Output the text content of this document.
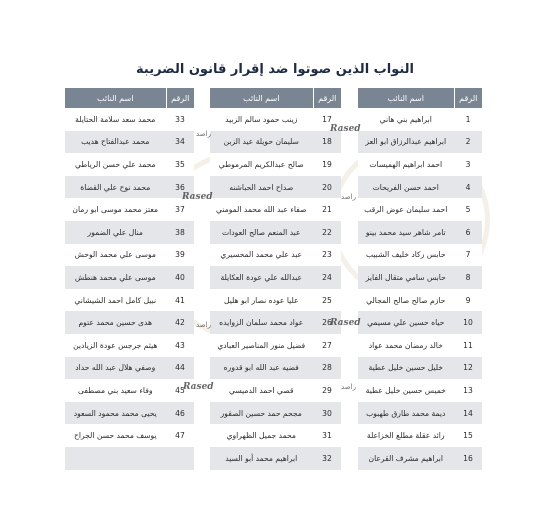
النواب الذين صوتوا ضد إقرار قانون الضريبة
الرقم	اسم النائب
1	ابراهيم بني هاني
2	ابراهيم عبدالرزاق ابو العز
3	احمد ابراهيم الهميسات
4	احمد حسن الفريحات
5	احمد سليمان عوض الرقب
6	تامر شاهر سيد محمد بينو
7	حابس ركاد خليف الشبيب
8	حابس سامي متقال الفايز
9	حازم صالح صالح المجالي
10	حياه حسين علي مسيمي
11	خالد رمضان محمد عواد
12	خليل حسين خليل عطية
13	خميس حسين خليل عطية
14	ديمة محمد طارق طهبوب
15	رائد عقلة مطلع الخزاعلة
16	ابراهيم مشرف القرعان
الرقم	اسم النائب
17	زينب حمود سالم الزبيد
18	سليمان حويلة عيد الزبن
19	صالح عبدالكريم المرموطي
20	صداح احمد الحباشنه
21	صفاء عبد الله محمد المومني
22	عبد المنعم صالح العودات
23	عبد علي محمد المحسيري
24	عبدالله علي عودة العكايلة
25	عليا عوده نصار ابو هليل
26	عواد محمد سلمان الزوايده
27	فضيل منور المناصير العبادي
28	فضيه عبد الله ابو قدوره
29	قصي احمد الدميسي
30	مجحم حمد حسين الصقور
31	محمد جميل الظهراوي
32	ابراهيم محمد أبو السيد
الرقم	اسم النائب
33	محمد سعد سلامة الحتايلة
34	محمد عبدالفتاح هديب
35	محمد علي حسن الرياطي
36	محمد نوح علي القضاة
37	معتز محمد موسى ابو رمان
38	منال علي الضمور
39	موسى علي محمد الوحش
40	موسى علي محمد هنطش
41	نبيل كامل احمد الشيشاني
42	هدى حسين محمد عتوم
43	هيثم جرجس عودة الزيادين
44	وصفي هلال عبد الله حداد
45	وفاء سعيد بني مصطفى
46	يحيى محمد محمود السعود
47	يوسف محمد حسن الجراح

Rased
Rased
Rased
Rased
راصد
راصد
راصد
راصد
